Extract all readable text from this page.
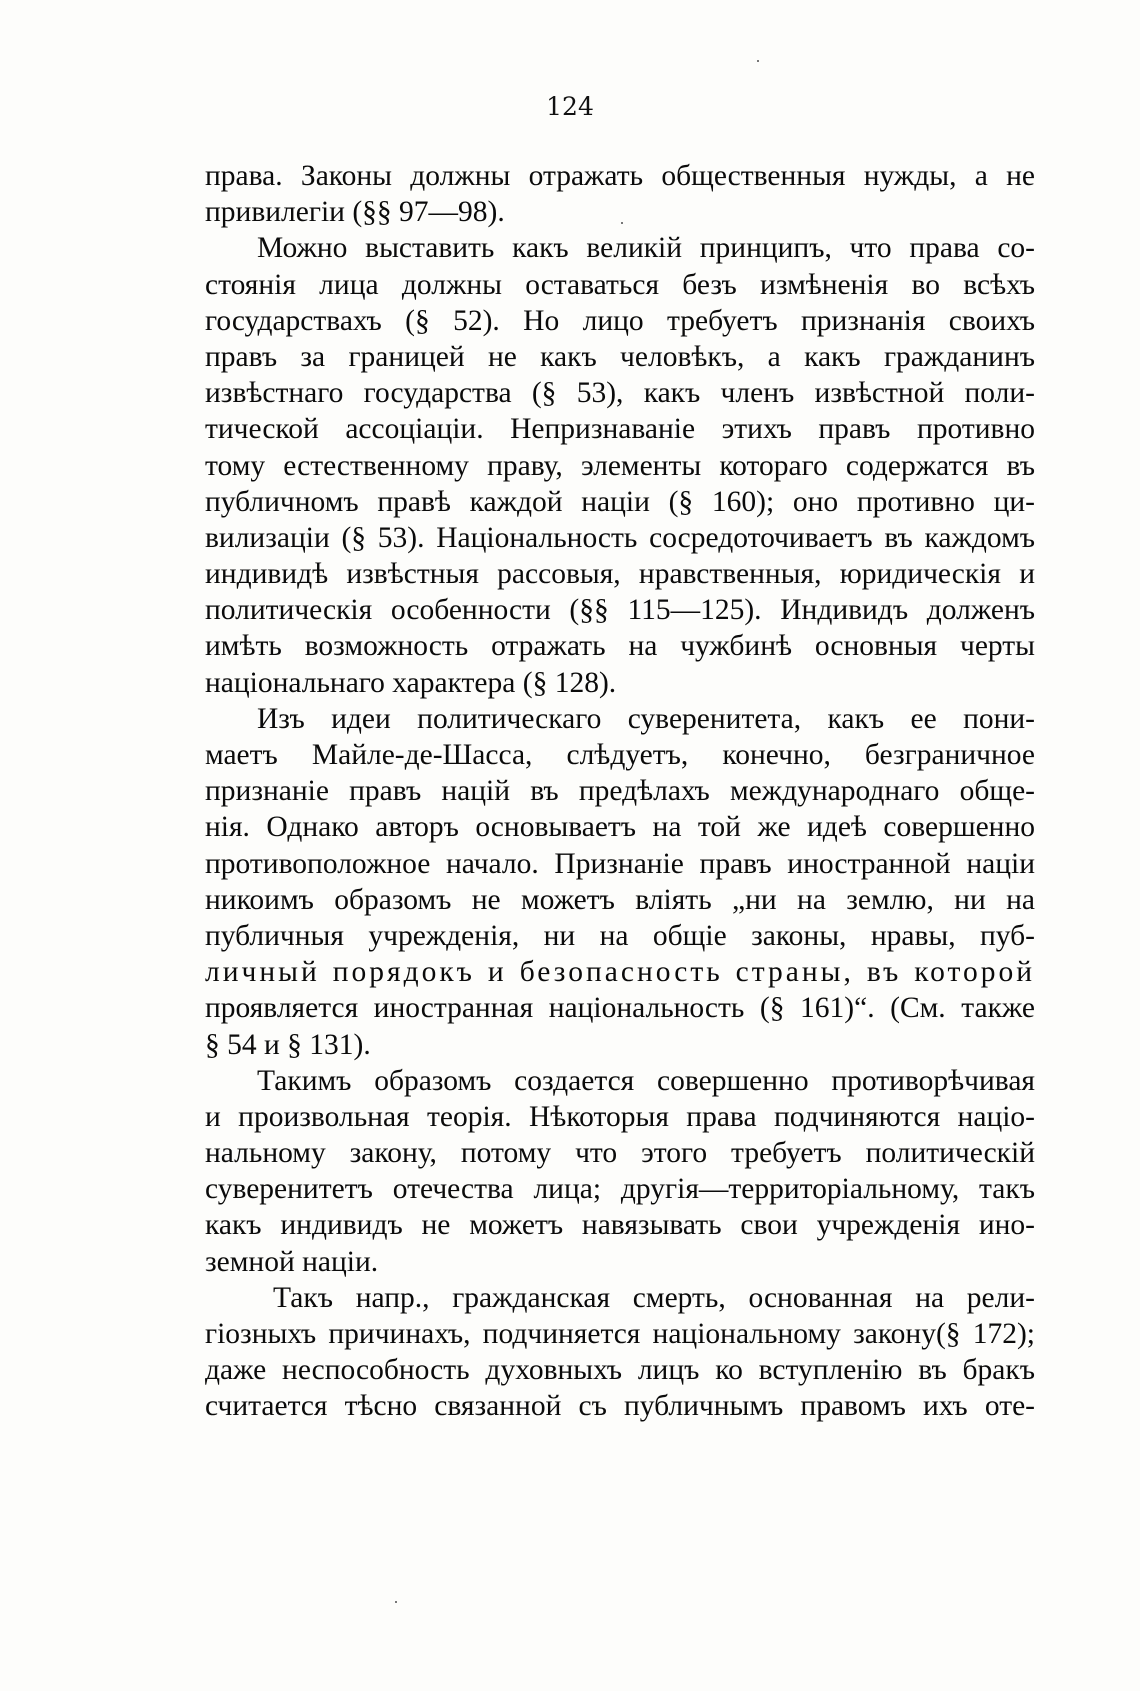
124
права. Законы должны отражать общественныя нужды, а не
привилегіи (§§ 97—98).
Можно выставить какъ великій принципъ, что права со-
стоянія лица должны оставаться безъ измѣненія во всѣхъ
государствахъ (§ 52). Но лицо требуетъ признанія своихъ
правъ за границей не какъ человѣкъ, а какъ гражданинъ
извѣстнаго государства (§ 53), какъ членъ извѣстной поли-
тической ассоціаціи. Непризнаваніе этихъ правъ противно
тому естественному праву, элементы котораго содержатся въ
публичномъ правѣ каждой націи (§ 160); оно противно ци-
вилизаціи (§ 53). Національность сосредоточиваетъ въ каждомъ
индивидѣ извѣстныя рассовыя, нравственныя, юридическія и
политическія особенности (§§ 115—125). Индивидъ долженъ
имѣть возможность отражать на чужбинѣ основныя черты
національнаго характера (§ 128).
Изъ идеи политическаго суверенитета, какъ ее пони-
маетъ Майле-де-Шасса, слѣдуетъ, конечно, безграничное
признаніе правъ націй въ предѣлахъ международнаго обще-
нія. Однако авторъ основываетъ на той же идеѣ совершенно
противоположное начало. Признаніе правъ иностранной націи
никоимъ образомъ не можетъ влiять „ни на землю, ни на
публичныя учрежденія, ни на общіе законы, нравы, пуб-
личный порядокъ и безопасность страны, въ которой
проявляется иностранная національность (§ 161)“. (См. также
§ 54 и § 131).
Такимъ образомъ создается совершенно противорѣчивая
и произвольная теорія. Нѣкоторыя права подчиняются націо-
нальному закону, потому что этого требуетъ политическій
суверенитетъ отечества лица; другія—территоріальному, такъ
какъ индивидъ не можетъ навязывать свои учрежденія ино-
земной націи.
Такъ напр., гражданская смерть, основанная на рели-
гіозныхъ причинахъ, подчиняется національному закону(§ 172);
даже неспособность духовныхъ лицъ ко вступленію въ бракъ
считается тѣсно связанной съ публичнымъ правомъ ихъ оте-
